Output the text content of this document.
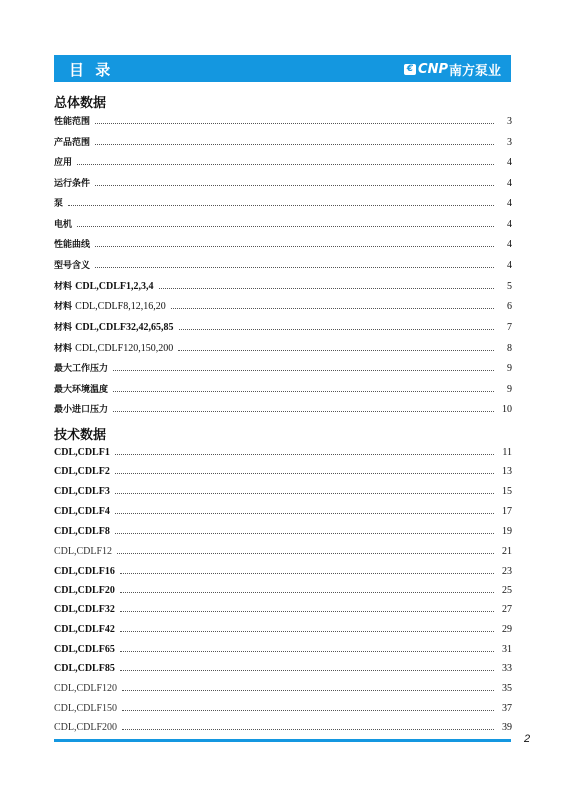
目 录	€ CNP 南方泵业
总体数据
性能范围	3
产品范围	3
应用	4
运行条件	4
泵	4
电机	4
性能曲线	4
型号含义	4
材料 CDL,CDLF1,2,3,4	5
材料 CDL,CDLF8,12,16,20	6
材料 CDL,CDLF32,42,65,85	7
材料 CDL,CDLF120,150,200	8
最大工作压力	9
最大环境温度	9
最小进口压力	10
技术数据
CDL,CDLF1	11
CDL,CDLF2	13
CDL,CDLF3	15
CDL,CDLF4	17
CDL,CDLF8	19
CDL,CDLF12	21
CDL,CDLF16	23
CDL,CDLF20	25
CDL,CDLF32	27
CDL,CDLF42	29
CDL,CDLF65	31
CDL,CDLF85	33
CDL,CDLF120	35
CDL,CDLF150	37
CDL,CDLF200	39
2
